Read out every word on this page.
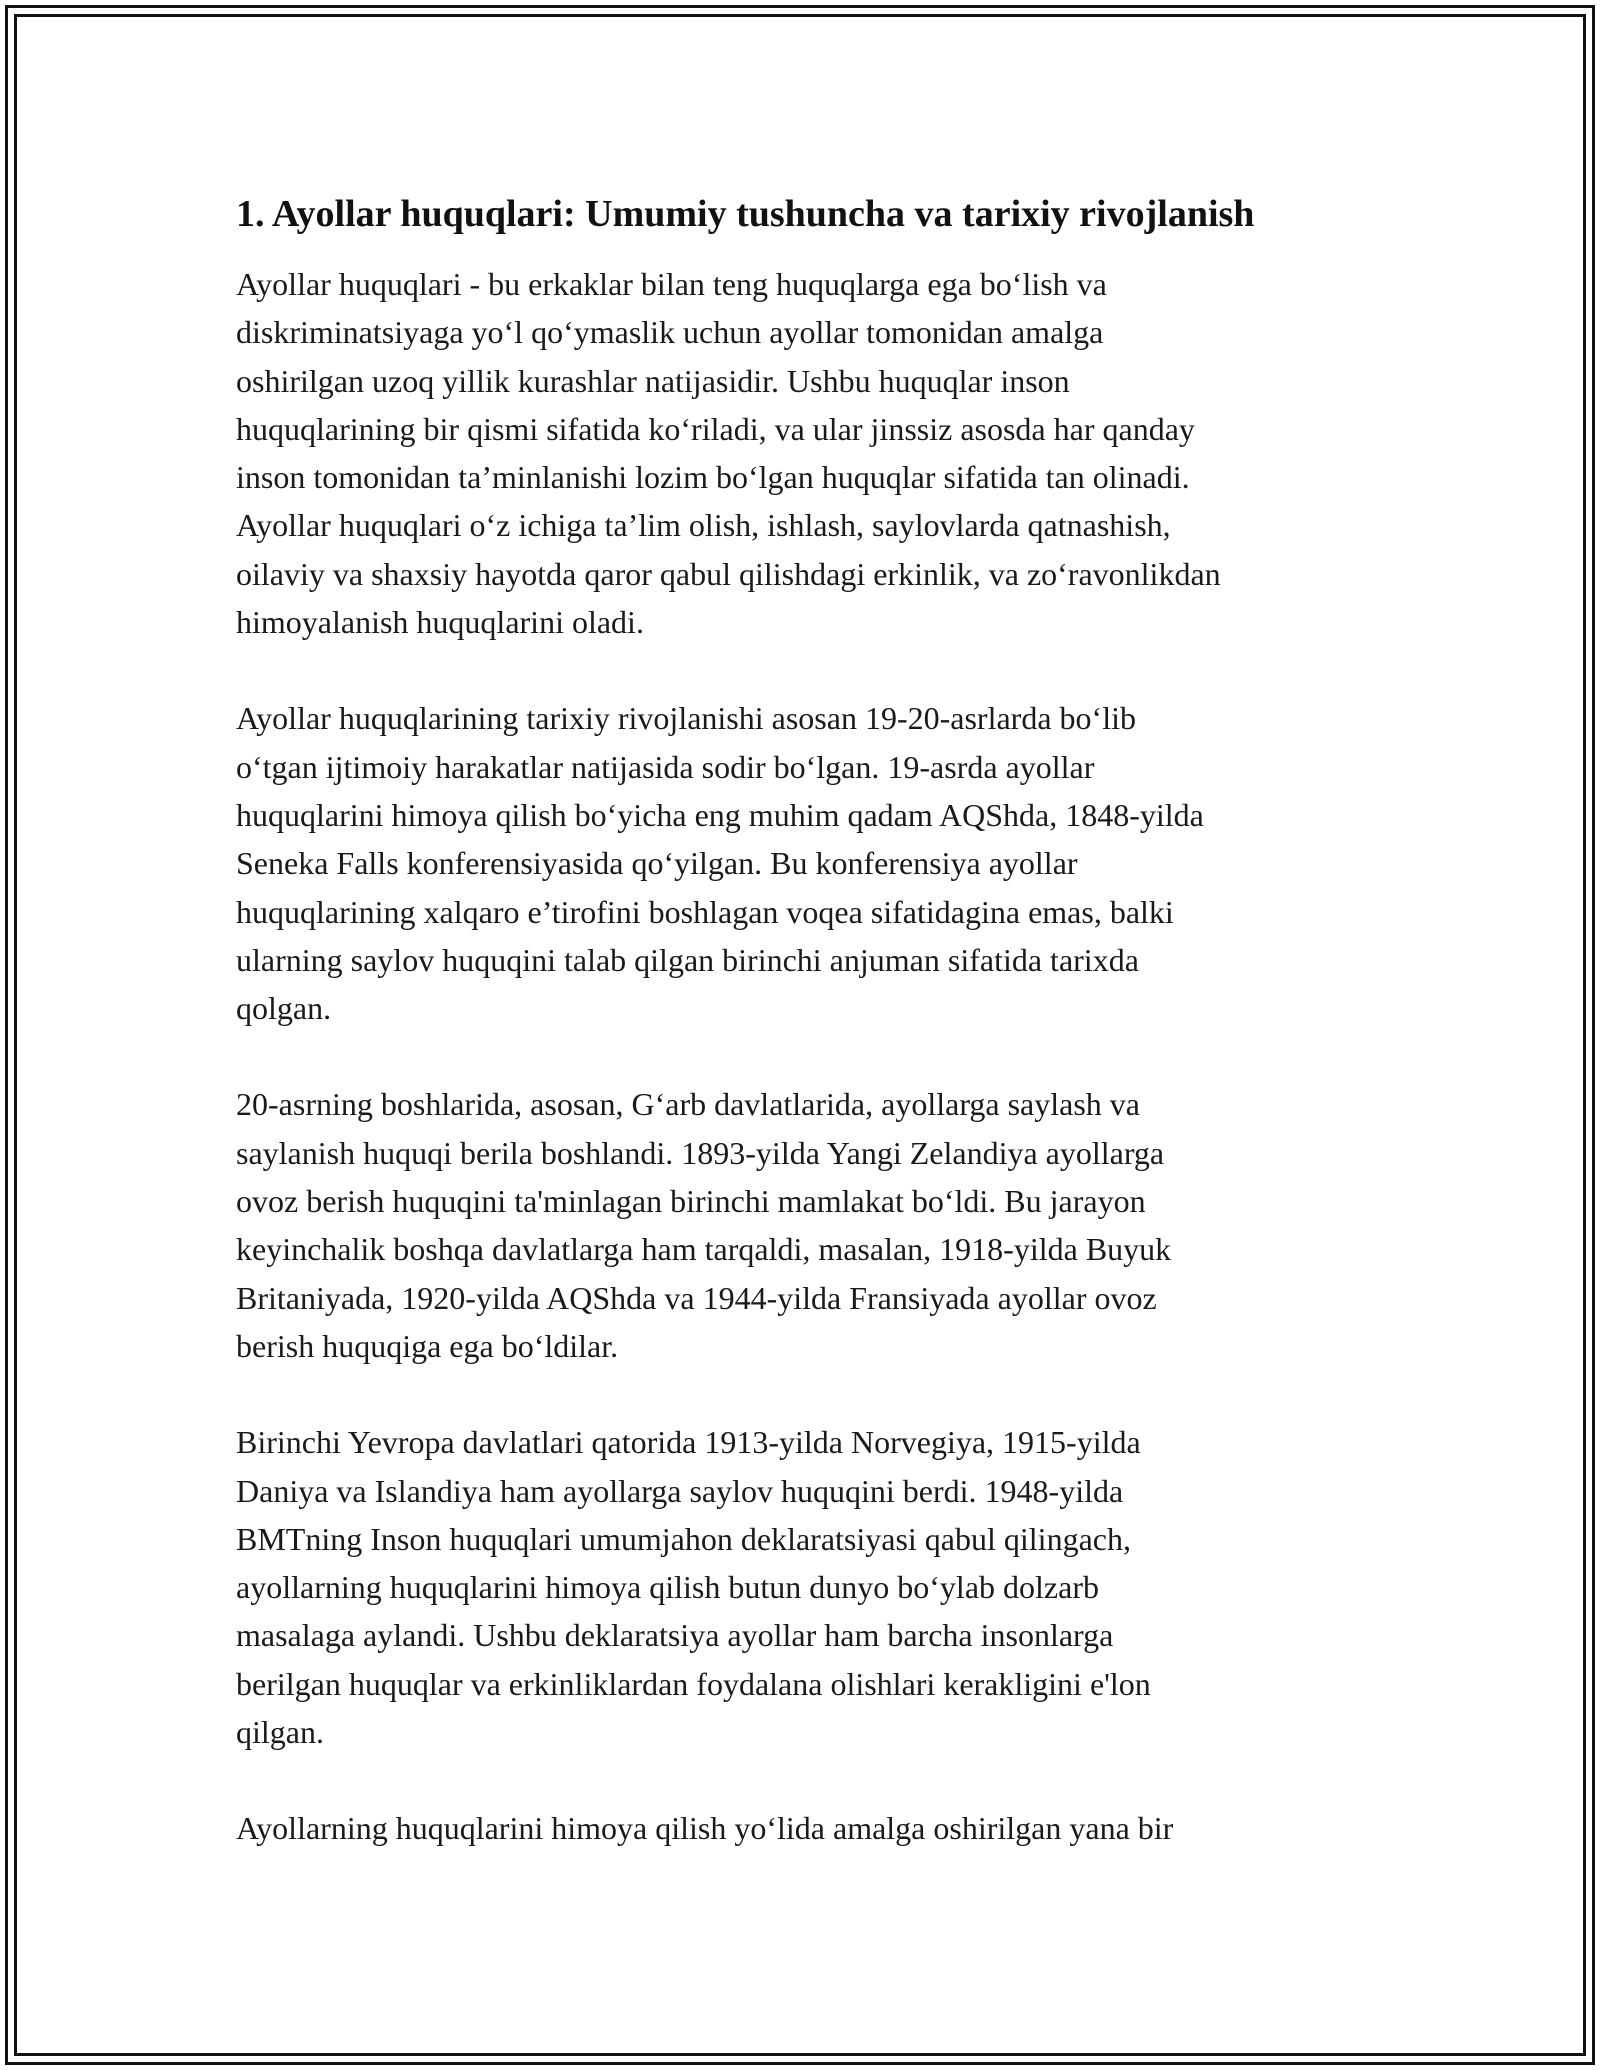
1. Ayollar huquqlari: Umumiy tushuncha va tarixiy rivojlanish

Ayollar huquqlari - bu erkaklar bilan teng huquqlarga ega boʻlish va
diskriminatsiyaga yoʻl qoʻymaslik uchun ayollar tomonidan amalga
oshirilgan uzoq yillik kurashlar natijasidir. Ushbu huquqlar inson
huquqlarining bir qismi sifatida koʻriladi, va ular jinssiz asosda har qanday
inson tomonidan ta’minlanishi lozim boʻlgan huquqlar sifatida tan olinadi.
Ayollar huquqlari oʻz ichiga ta’lim olish, ishlash, saylovlarda qatnashish,
oilaviy va shaxsiy hayotda qaror qabul qilishdagi erkinlik, va zoʻravonlikdan
himoyalanish huquqlarini oladi.

Ayollar huquqlarining tarixiy rivojlanishi asosan 19-20-asrlarda boʻlib
oʻtgan ijtimoiy harakatlar natijasida sodir boʻlgan. 19-asrda ayollar
huquqlarini himoya qilish boʻyicha eng muhim qadam AQShda, 1848-yilda
Seneka Falls konferensiyasida qoʻyilgan. Bu konferensiya ayollar
huquqlarining xalqaro e’tirofini boshlagan voqea sifatidagina emas, balki
ularning saylov huquqini talab qilgan birinchi anjuman sifatida tarixda
qolgan.

20-asrning boshlarida, asosan, Gʻarb davlatlarida, ayollarga saylash va
saylanish huquqi berila boshlandi. 1893-yilda Yangi Zelandiya ayollarga
ovoz berish huquqini ta'minlagan birinchi mamlakat boʻldi. Bu jarayon
keyinchalik boshqa davlatlarga ham tarqaldi, masalan, 1918-yilda Buyuk
Britaniyada, 1920-yilda AQShda va 1944-yilda Fransiyada ayollar ovoz
berish huquqiga ega boʻldilar.

Birinchi Yevropa davlatlari qatorida 1913-yilda Norvegiya, 1915-yilda
Daniya va Islandiya ham ayollarga saylov huquqini berdi. 1948-yilda
BMTning Inson huquqlari umumjahon deklaratsiyasi qabul qilingach,
ayollarning huquqlarini himoya qilish butun dunyo boʻylab dolzarb
masalaga aylandi. Ushbu deklaratsiya ayollar ham barcha insonlarga
berilgan huquqlar va erkinliklardan foydalana olishlari kerakligini e'lon
qilgan.

Ayollarning huquqlarini himoya qilish yoʻlida amalga oshirilgan yana bir
